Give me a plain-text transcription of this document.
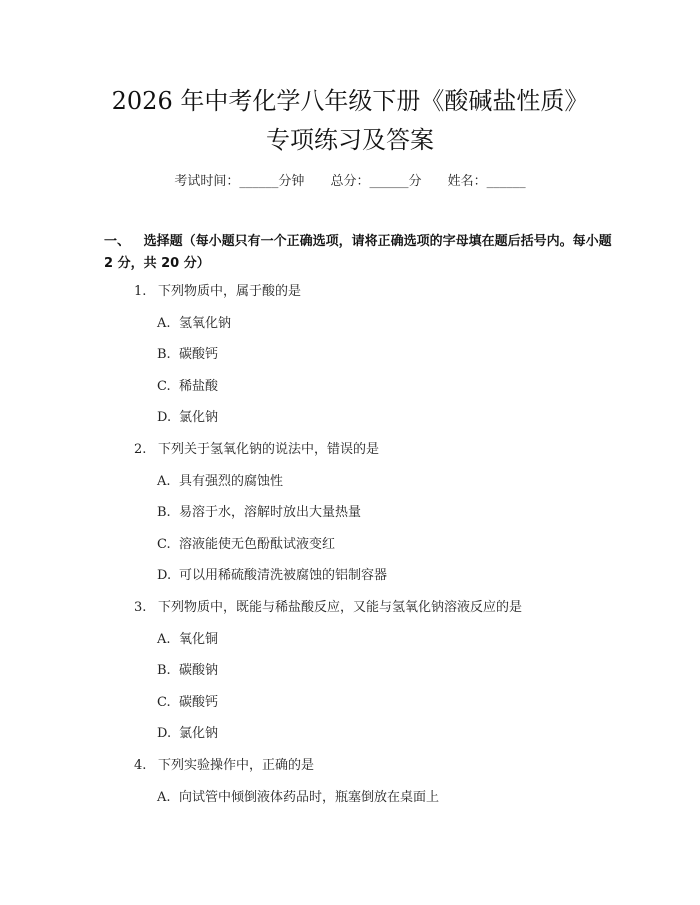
2026 年中考化学八年级下册《酸碱盐性质》
专项练习及答案
考试时间：______分钟 总分：______分 姓名：______
一、 选择题（每小题只有一个正确选项，请将正确选项的字母填在题后括号内。每小题 2 分，共 20 分）
1. 下列物质中，属于酸的是
A. 氢氧化钠
B. 碳酸钙
C. 稀盐酸
D. 氯化钠
2. 下列关于氢氧化钠的说法中，错误的是
A. 具有强烈的腐蚀性
B. 易溶于水，溶解时放出大量热量
C. 溶液能使无色酚酞试液变红
D. 可以用稀硫酸清洗被腐蚀的铝制容器
3. 下列物质中，既能与稀盐酸反应，又能与氢氧化钠溶液反应的是
A. 氧化铜
B. 碳酸钠
C. 碳酸钙
D. 氯化钠
4. 下列实验操作中，正确的是
A. 向试管中倾倒液体药品时，瓶塞倒放在桌面上
